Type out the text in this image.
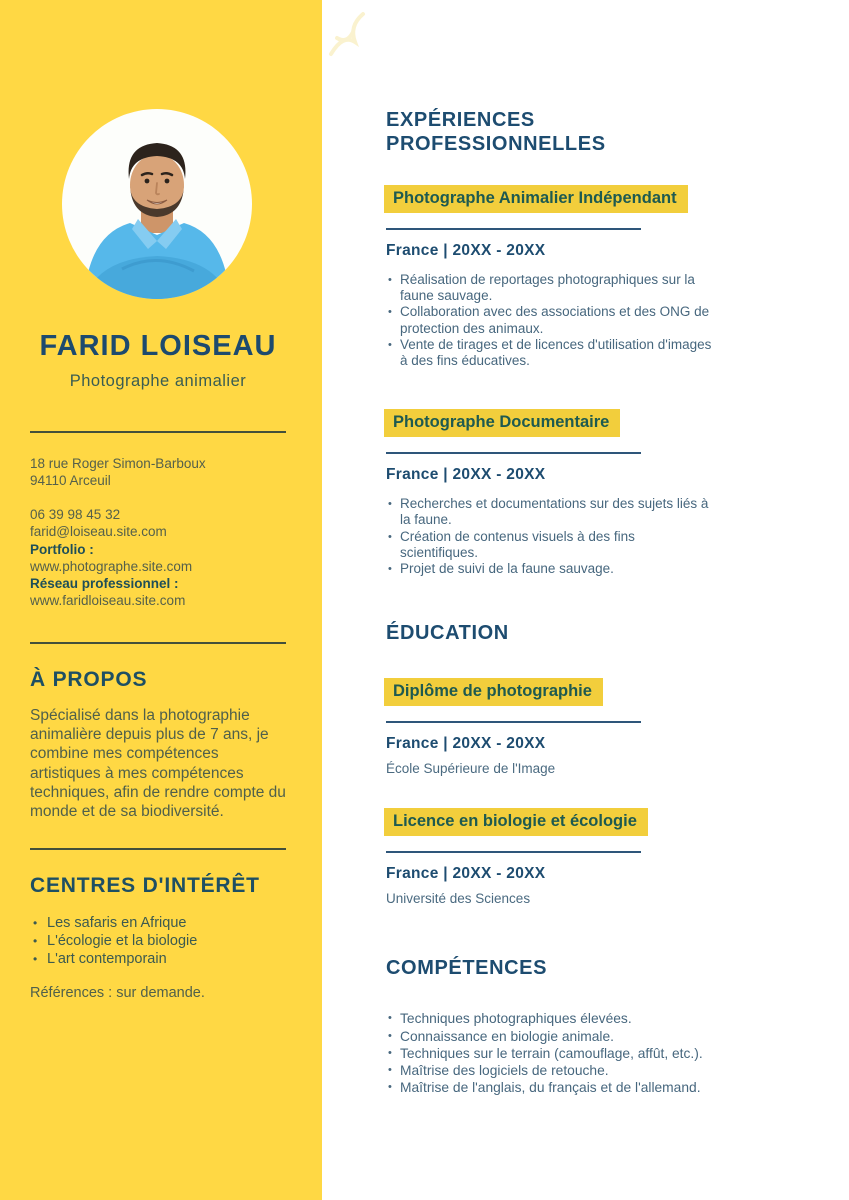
FARID LOISEAU
Photographe animalier
18 rue Roger Simon-Barboux
94110 Arceuil
06 39 98 45 32
farid@loiseau.site.com
Portfolio :
www.photographe.site.com
Réseau professionnel :
www.faridloiseau.site.com
À PROPOS

Spécialisé dans la photographie animalière depuis plus de 7 ans, je combine mes compétences artistiques à mes compétences techniques, afin de rendre compte du monde et de sa biodiversité.

CENTRES D'INTÉRÊT
• Les safaris en Afrique
• L'écologie et la biologie
• L'art contemporain

Références : sur demande.

EXPÉRIENCES PROFESSIONNELLES
Photographe Animalier Indépendant
France | 20XX - 20XX
• Réalisation de reportages photographiques sur la faune sauvage.
• Collaboration avec des associations et des ONG de protection des animaux.
• Vente de tirages et de licences d'utilisation d'images à des fins éducatives.
Photographe Documentaire
France | 20XX - 20XX
• Recherches et documentations sur des sujets liés à la faune.
• Création de contenus visuels à des fins scientifiques.
• Projet de suivi de la faune sauvage.
ÉDUCATION
Diplôme de photographie
France | 20XX - 20XX
École Supérieure de l'Image
Licence en biologie et écologie
France | 20XX - 20XX
Université des Sciences
COMPÉTENCES
• Techniques photographiques élevées.
• Connaissance en biologie animale.
• Techniques sur le terrain (camouflage, affût, etc.).
• Maîtrise des logiciels de retouche.
• Maîtrise de l'anglais, du français et de l'allemand.
